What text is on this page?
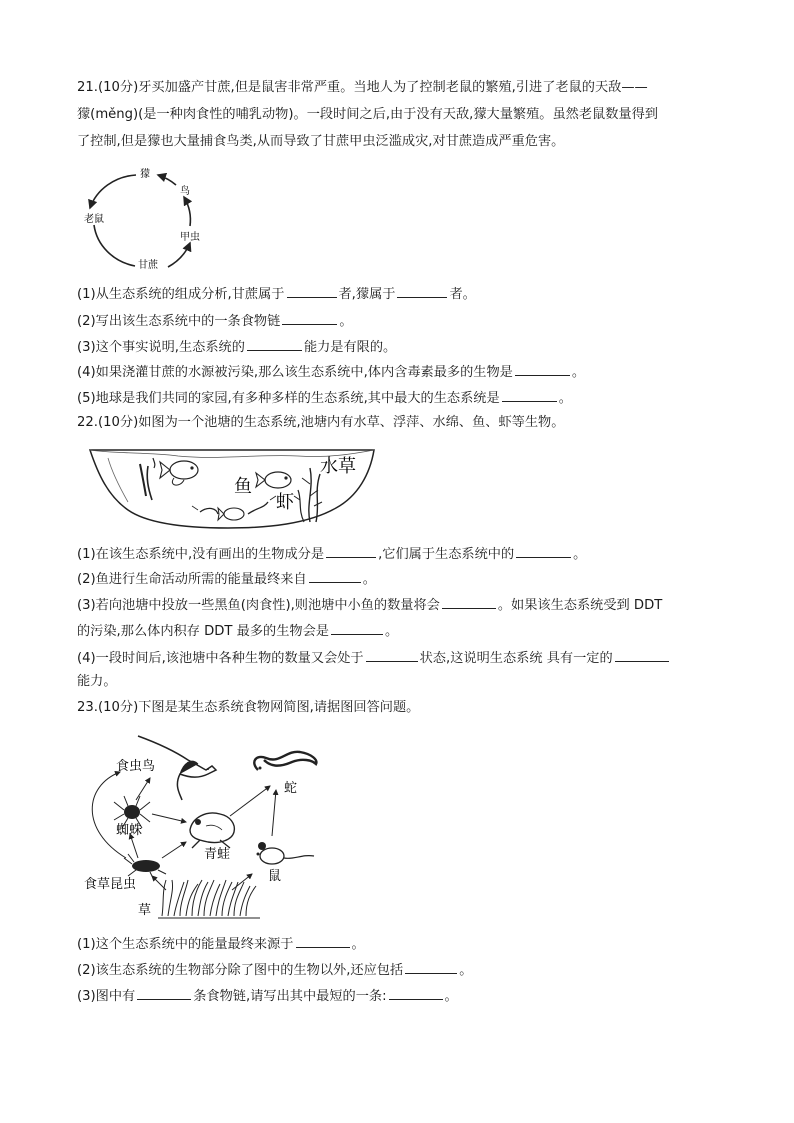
21.(10分)牙买加盛产甘蔗,但是鼠害非常严重。当地人为了控制老鼠的繁殖,引进了老鼠的天敌——
獴(měng)(是一种肉食性的哺乳动物)。一段时间之后,由于没有天敌,獴大量繁殖。虽然老鼠数量得到
了控制,但是獴也大量捕食鸟类,从而导致了甘蔗甲虫泛滥成灾,对甘蔗造成严重危害。
獴
鸟
老鼠
甲虫
甘蔗
(1)从生态系统的组成分析,甘蔗属于	者,獴属于	者。
(2)写出该生态系统中的一条食物链	。
(3)这个事实说明,生态系统的	能力是有限的。
(4)如果浇灌甘蔗的水源被污染,那么该生态系统中,体内含毒素最多的生物是	。
(5)地球是我们共同的家园,有多种多样的生态系统,其中最大的生态系统是	。
22.(10分)如图为一个池塘的生态系统,池塘内有水草、浮萍、水绵、鱼、虾等生物。
水草
鱼
虾
(1)在该生态系统中,没有画出的生物成分是	,它们属于生态系统中的	。
(2)鱼进行生命活动所需的能量最终来自	。
(3)若向池塘中投放一些黑鱼(肉食性),则池塘中小鱼的数量将会	。如果该生态系统受到 DDT
的污染,那么体内积存 DDT 最多的生物会是	。
(4)一段时间后,该池塘中各种生物的数量又会处于	状态,这说明生态系统 具有一定的
能力。
23.(10分)下图是某生态系统食物网简图,请据图回答问题。
食虫鸟
蛇
蜘蛛
青蛙
鼠
食草昆虫
草
(1)这个生态系统中的能量最终来源于	。
(2)该生态系统的生物部分除了图中的生物以外,还应包括	。
(3)图中有	条食物链,请写出其中最短的一条:	。
